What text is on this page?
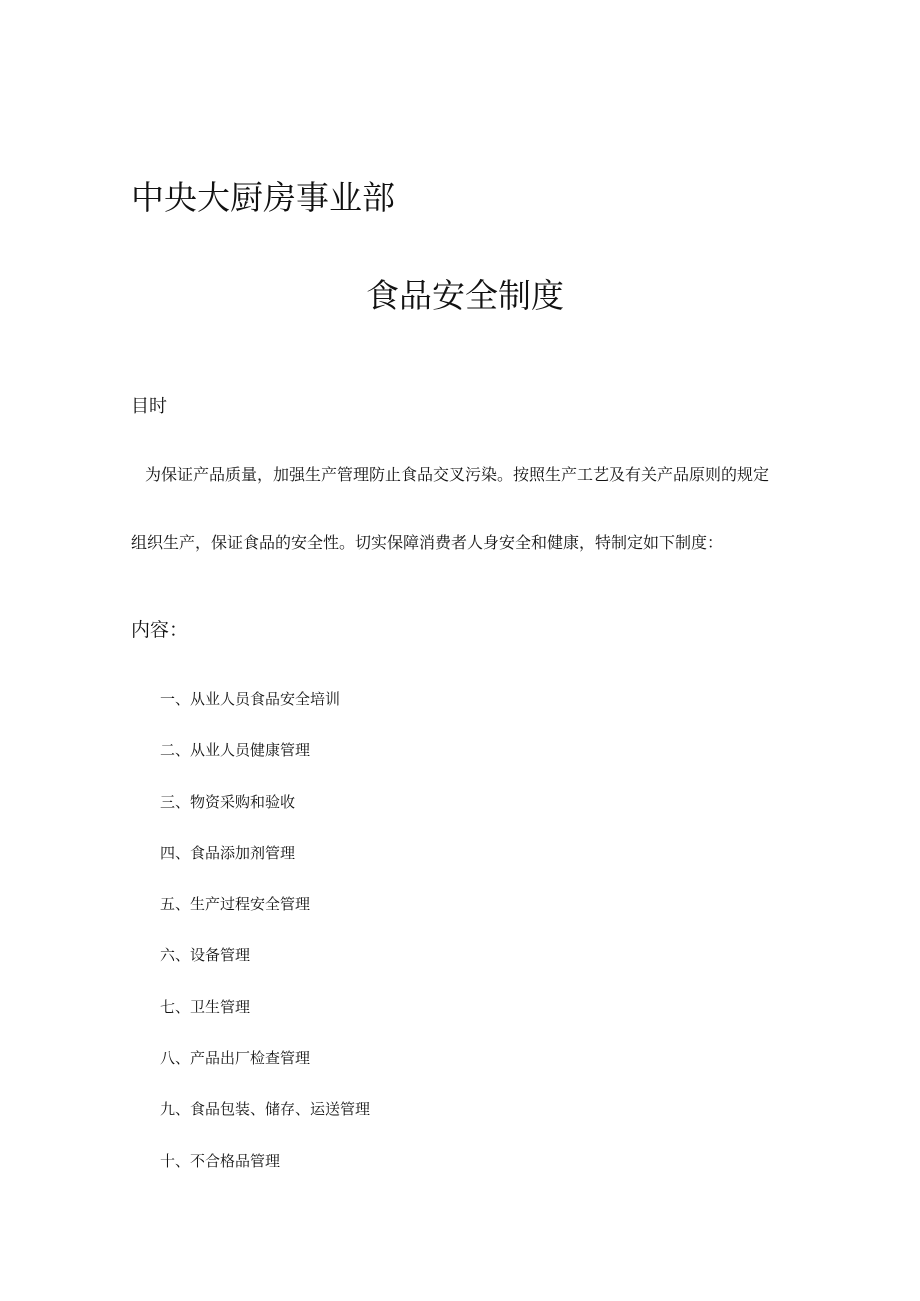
中央大厨房事业部
食品安全制度
目时
为保证产品质量，加强生产管理防止食品交叉污染。按照生产工艺及有关产品原则的规定
组织生产，保证食品的安全性。切实保障消费者人身安全和健康，特制定如下制度：
内容：
一、从业人员食品安全培训
二、从业人员健康管理
三、物资采购和验收
四、食品添加剂管理
五、生产过程安全管理
六、设备管理
七、卫生管理
八、产品出厂检查管理
九、食品包装、储存、运送管理
十、不合格品管理
